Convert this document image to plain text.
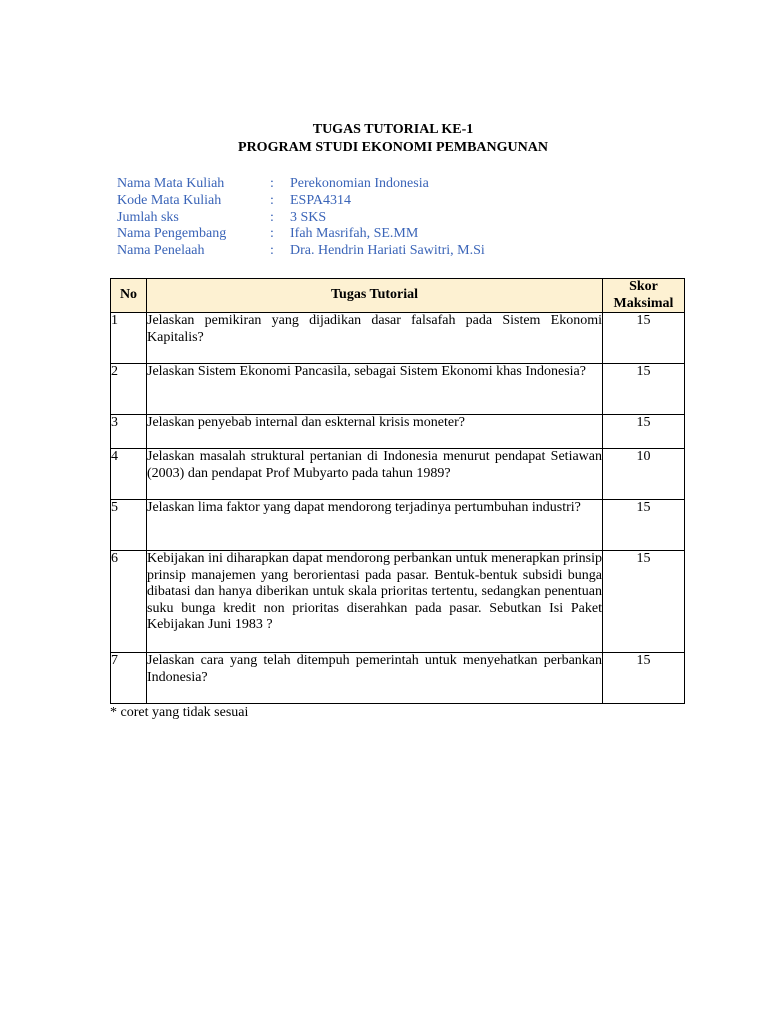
TUGAS TUTORIAL KE-1
PROGRAM STUDI EKONOMI PEMBANGUNAN
Nama Mata Kuliah	:	Perekonomian Indonesia
Kode Mata Kuliah	:	ESPA4314
Jumlah sks	:	3 SKS
Nama Pengembang	:	Ifah Masrifah, SE.MM
Nama Penelaah	:	Dra. Hendrin Hariati Sawitri, M.Si
No	Tugas Tutorial	Skor Maksimal
1	Jelaskan pemikiran yang dijadikan dasar falsafah pada Sistem Ekonomi Kapitalis?	15
2	Jelaskan Sistem Ekonomi Pancasila, sebagai Sistem Ekonomi khas Indonesia?	15
3	Jelaskan penyebab internal dan eskternal krisis moneter?	15
4	Jelaskan masalah struktural pertanian di Indonesia menurut pendapat Setiawan (2003) dan pendapat Prof Mubyarto pada tahun 1989?	10
5	Jelaskan lima faktor yang dapat mendorong terjadinya pertumbuhan industri?	15
6	Kebijakan ini diharapkan dapat mendorong perbankan untuk menerapkan prinsip prinsip manajemen yang berorientasi pada pasar. Bentuk-bentuk subsidi bunga dibatasi dan hanya diberikan untuk skala prioritas tertentu, sedangkan penentuan suku bunga kredit non prioritas diserahkan pada pasar. Sebutkan Isi Paket Kebijakan Juni 1983 ?	15
7	Jelaskan cara yang telah ditempuh pemerintah untuk menyehatkan perbankan Indonesia?	15
* coret yang tidak sesuai
